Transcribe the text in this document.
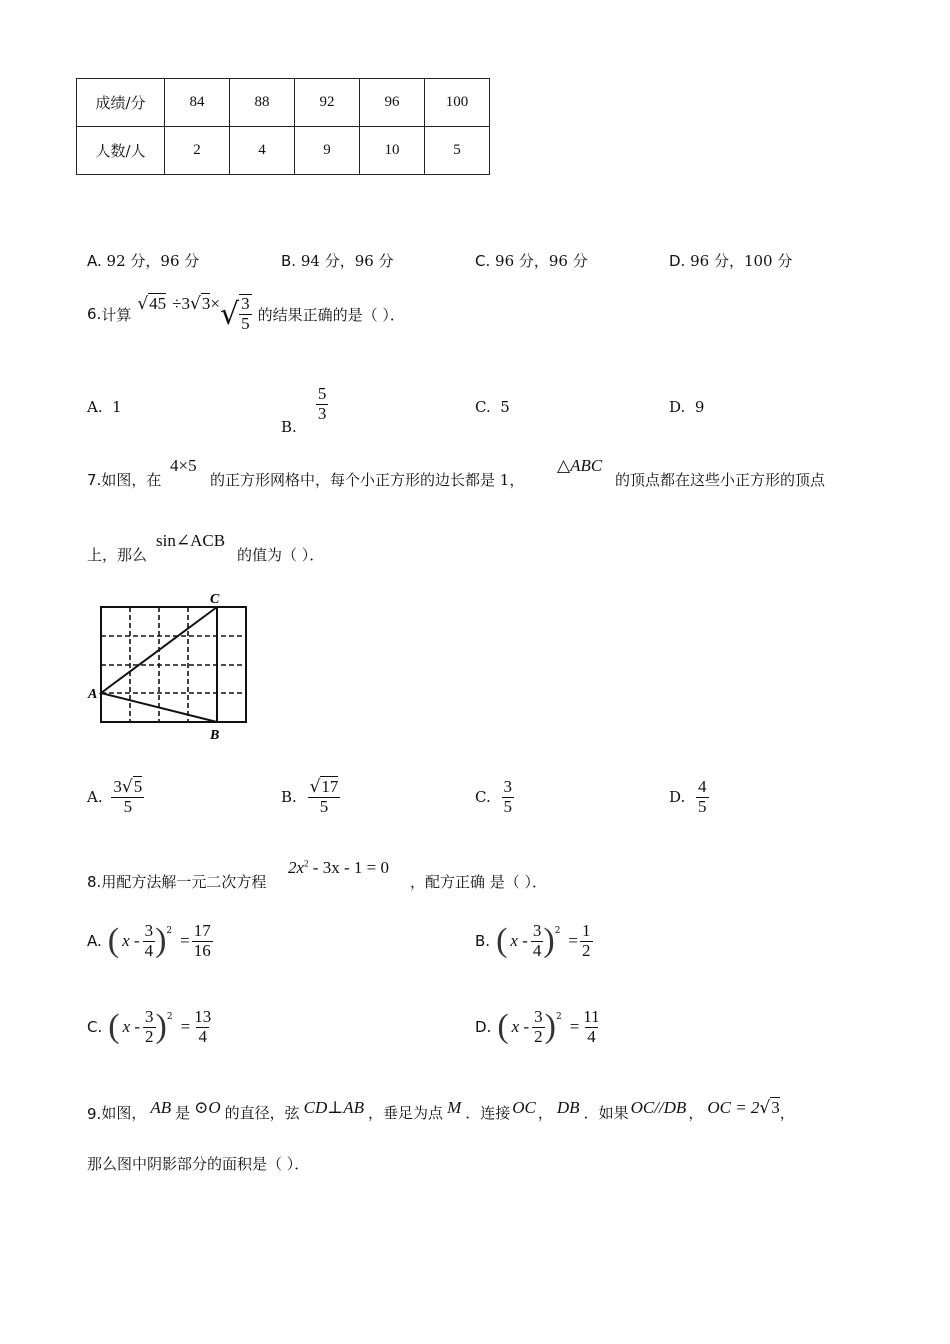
成绩/分	84	88	92	96	100
人数/人	2	4	9	10	5
A. 92 分，96 分	B. 94 分，96 分	C. 96 分，96 分	D. 96 分，100 分
6. 计算
√45 ÷3 √3 × √ $\frac{3}{5}$ 的结果正确的是（ ）．
A. 1
B.

$\frac{5}{3}$	C. 5	D. 9
7.如图，在
4×5
的正方形网格中，每个小正方形的边长都是 1，
△ABC
的顶点都在这些小正方形的顶点
上，那么
sin∠ACB
的值为（ ）．
C
A
B
A.
$\frac{3√5}{5}$	B.
$\frac{√17}{5}$	C.
$\frac{3}{5}$	D.
$\frac{4}{5}$
8.用配方法解一元二次方程
$2x^2 - 3x - 1 = 0$
，配方正确 是（ ）．
A. ( x - $\frac{3}{4}$ ) 2
= $\frac{17}{16}$	B. ( x - $\frac{3}{4}$ ) 2
= $\frac{1}{2}$
C. ( x - $\frac{3}{2}$ ) 2
= $\frac{13}{4}$	D. ( x - $\frac{3}{2}$ ) 2
= $\frac{11}{4}$
9. 如图， AB 是 ⊙O 的直径，弦 CD⊥AB ，垂足为点 M ．连接 OC ， DB ．如果 OC//DB ， OC = 2 √3 ，
那么图中阴影部分的面积是（ ）．
